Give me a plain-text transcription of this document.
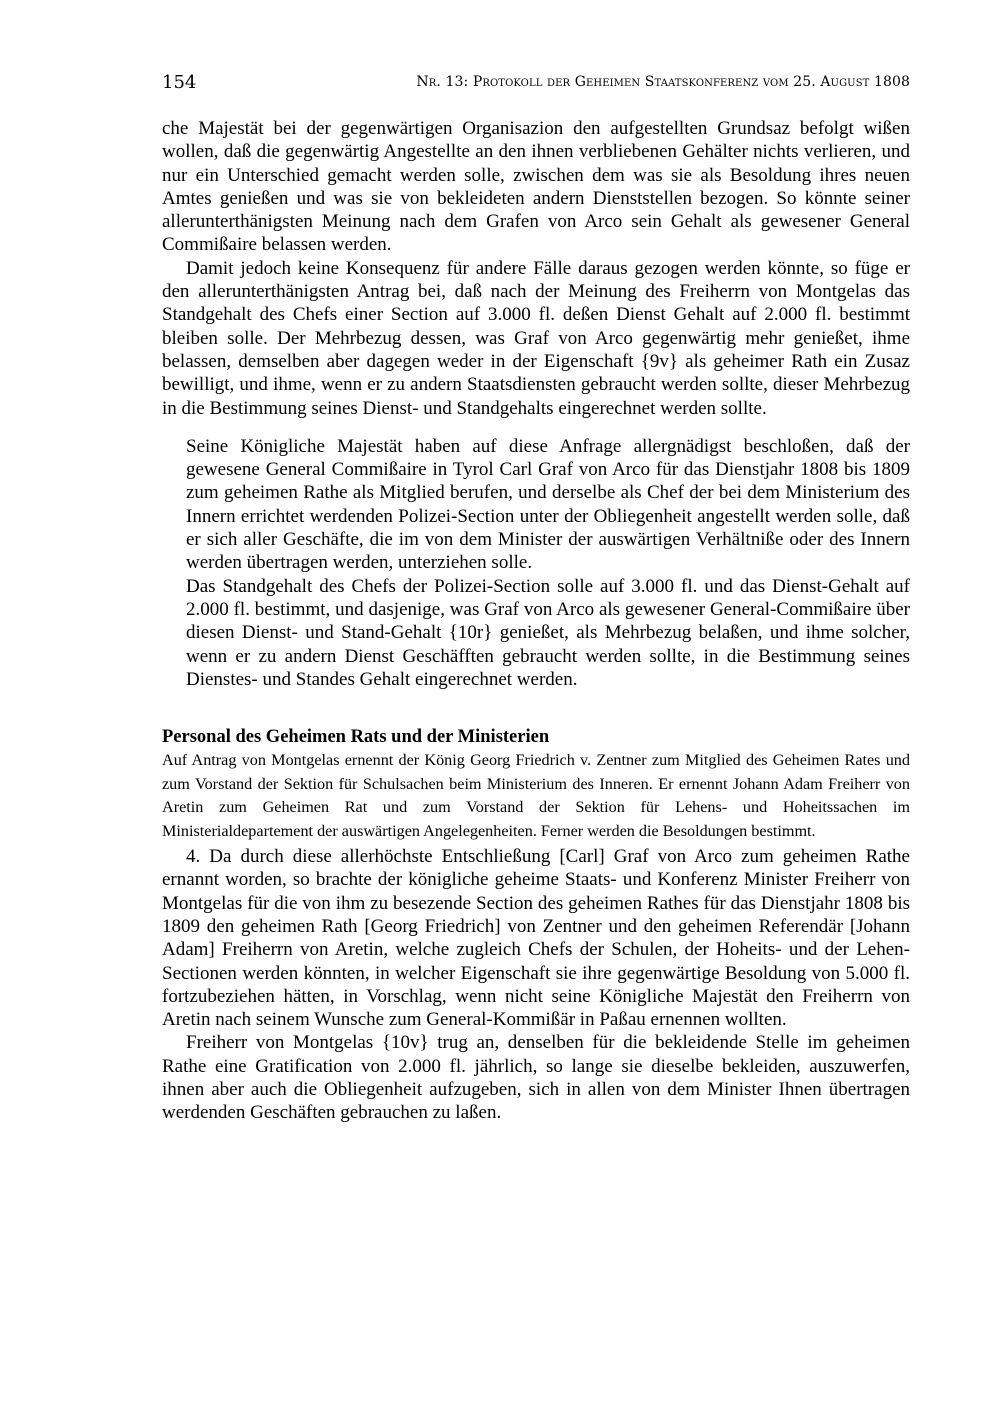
154	Nr. 13: Protokoll der Geheimen Staatskonferenz vom 25. August 1808

che Majestät bei der gegenwärtigen Organisazion den aufgestellten Grundsaz befolgt wißen wollen, daß die gegenwärtig Angestellte an den ihnen verbliebenen Gehälter nichts verlieren, und nur ein Unterschied gemacht werden solle, zwischen dem was sie als Besoldung ihres neuen Amtes genießen und was sie von bekleideten andern Dienststellen bezogen. So könnte seiner allerunterthänigsten Meinung nach dem Grafen von Arco sein Gehalt als gewesener General Commißaire belassen werden.

Damit jedoch keine Konsequenz für andere Fälle daraus gezogen werden könnte, so füge er den allerunterthänigsten Antrag bei, daß nach der Meinung des Freiherrn von Montgelas das Standgehalt des Chefs einer Section auf 3.000 fl. deßen Dienst Gehalt auf 2.000 fl. bestimmt bleiben solle. Der Mehrbezug dessen, was Graf von Arco gegenwärtig mehr genießet, ihme belassen, demselben aber dagegen weder in der Eigenschaft {9v} als geheimer Rath ein Zusaz bewilligt, und ihme, wenn er zu andern Staatsdiensten gebraucht werden sollte, dieser Mehrbezug in die Bestimmung seines Dienst- und Standgehalts eingerechnet werden sollte.

Seine Königliche Majestät haben auf diese Anfrage allergnädigst beschloßen, daß der gewesene General Commißaire in Tyrol Carl Graf von Arco für das Dienstjahr 1808 bis 1809 zum geheimen Rathe als Mitglied berufen, und derselbe als Chef der bei dem Ministerium des Innern errichtet werdenden Polizei-Section unter der Obliegenheit angestellt werden solle, daß er sich aller Geschäfte, die im von dem Minister der auswärtigen Verhältniße oder des Innern werden übertragen werden, unterziehen solle.

Das Standgehalt des Chefs der Polizei-Section solle auf 3.000 fl. und das Dienst-Gehalt auf 2.000 fl. bestimmt, und dasjenige, was Graf von Arco als gewesener General-Commißaire über diesen Dienst- und Stand-Gehalt {10r} genießet, als Mehrbezug belaßen, und ihme solcher, wenn er zu andern Dienst Geschäfften gebraucht werden sollte, in die Bestimmung seines Dienstes- und Standes Gehalt eingerechnet werden.

Personal des Geheimen Rats und der Ministerien

Auf Antrag von Montgelas ernennt der König Georg Friedrich v. Zentner zum Mitglied des Geheimen Rates und zum Vorstand der Sektion für Schulsachen beim Ministerium des Inneren. Er ernennt Johann Adam Freiherr von Aretin zum Geheimen Rat und zum Vorstand der Sektion für Lehens- und Hoheitssachen im Ministerialdepartement der auswärtigen Angelegenheiten. Ferner werden die Besoldungen bestimmt.

4. Da durch diese allerhöchste Entschließung [Carl] Graf von Arco zum geheimen Rathe ernannt worden, so brachte der königliche geheime Staats- und Konferenz Minister Freiherr von Montgelas für die von ihm zu besezende Section des geheimen Rathes für das Dienstjahr 1808 bis 1809 den geheimen Rath [Georg Friedrich] von Zentner und den geheimen Referendär [Johann Adam] Freiherrn von Aretin, welche zugleich Chefs der Schulen, der Hoheits- und der Lehen-Sectionen werden könnten, in welcher Eigenschaft sie ihre gegenwärtige Besoldung von 5.000 fl. fortzubeziehen hätten, in Vorschlag, wenn nicht seine Königliche Majestät den Freiherrn von Aretin nach seinem Wunsche zum General-Kommißär in Paßau ernennen wollten.

Freiherr von Montgelas {10v} trug an, denselben für die bekleidende Stelle im geheimen Rathe eine Gratification von 2.000 fl. jährlich, so lange sie dieselbe bekleiden, auszuwerfen, ihnen aber auch die Obliegenheit aufzugeben, sich in allen von dem Minister Ihnen übertragen werdenden Geschäften gebrauchen zu laßen.
